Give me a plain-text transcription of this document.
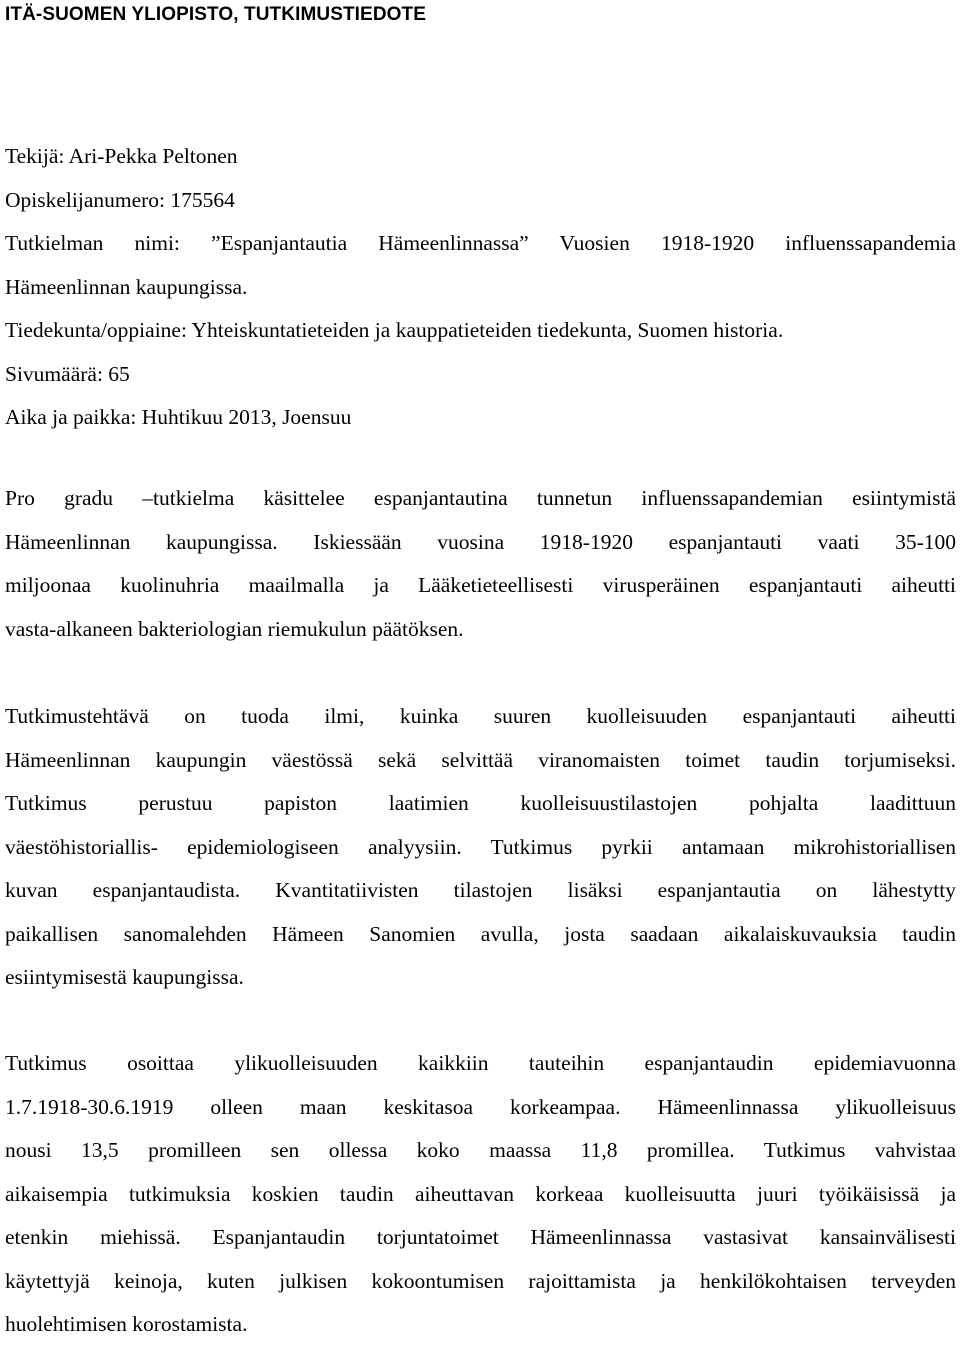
ITÄ-SUOMEN YLIOPISTO, TUTKIMUSTIEDOTE
Tekijä: Ari-Pekka Peltonen
Opiskelijanumero: 175564
Tutkielman nimi: ”Espanjantautia Hämeenlinnassa” Vuosien 1918-1920 influenssapandemia
Hämeenlinnan kaupungissa.
Tiedekunta/oppiaine: Yhteiskuntatieteiden ja kauppatieteiden tiedekunta, Suomen historia.
Sivumäärä: 65
Aika ja paikka: Huhtikuu 2013, Joensuu
Pro gradu –tutkielma käsittelee espanjantautina tunnetun influenssapandemian esiintymistä
Hämeenlinnan kaupungissa. Iskiessään vuosina 1918-1920 espanjantauti vaati 35-100
miljoonaa kuolinuhria maailmalla ja Lääketieteellisesti virusperäinen espanjantauti aiheutti
vasta-alkaneen bakteriologian riemukulun päätöksen.
Tutkimustehtävä on tuoda ilmi, kuinka suuren kuolleisuuden espanjantauti aiheutti
Hämeenlinnan kaupungin väestössä sekä selvittää viranomaisten toimet taudin torjumiseksi.
Tutkimus perustuu papiston laatimien kuolleisuustilastojen pohjalta laadittuun
väestöhistoriallis- epidemiologiseen analyysiin. Tutkimus pyrkii antamaan mikrohistoriallisen
kuvan espanjantaudista. Kvantitatiivisten tilastojen lisäksi espanjantautia on lähestytty
paikallisen sanomalehden Hämeen Sanomien avulla, josta saadaan aikalaiskuvauksia taudin
esiintymisestä kaupungissa.
Tutkimus osoittaa ylikuolleisuuden kaikkiin tauteihin espanjantaudin epidemiavuonna
1.7.1918-30.6.1919 olleen maan keskitasoa korkeampaa. Hämeenlinnassa ylikuolleisuus
nousi 13,5 promilleen sen ollessa koko maassa 11,8 promillea. Tutkimus vahvistaa
aikaisempia tutkimuksia koskien taudin aiheuttavan korkeaa kuolleisuutta juuri työikäisissä ja
etenkin miehissä. Espanjantaudin torjuntatoimet Hämeenlinnassa vastasivat kansainvälisesti
käytettyjä keinoja, kuten julkisen kokoontumisen rajoittamista ja henkilökohtaisen terveyden
huolehtimisen korostamista.
